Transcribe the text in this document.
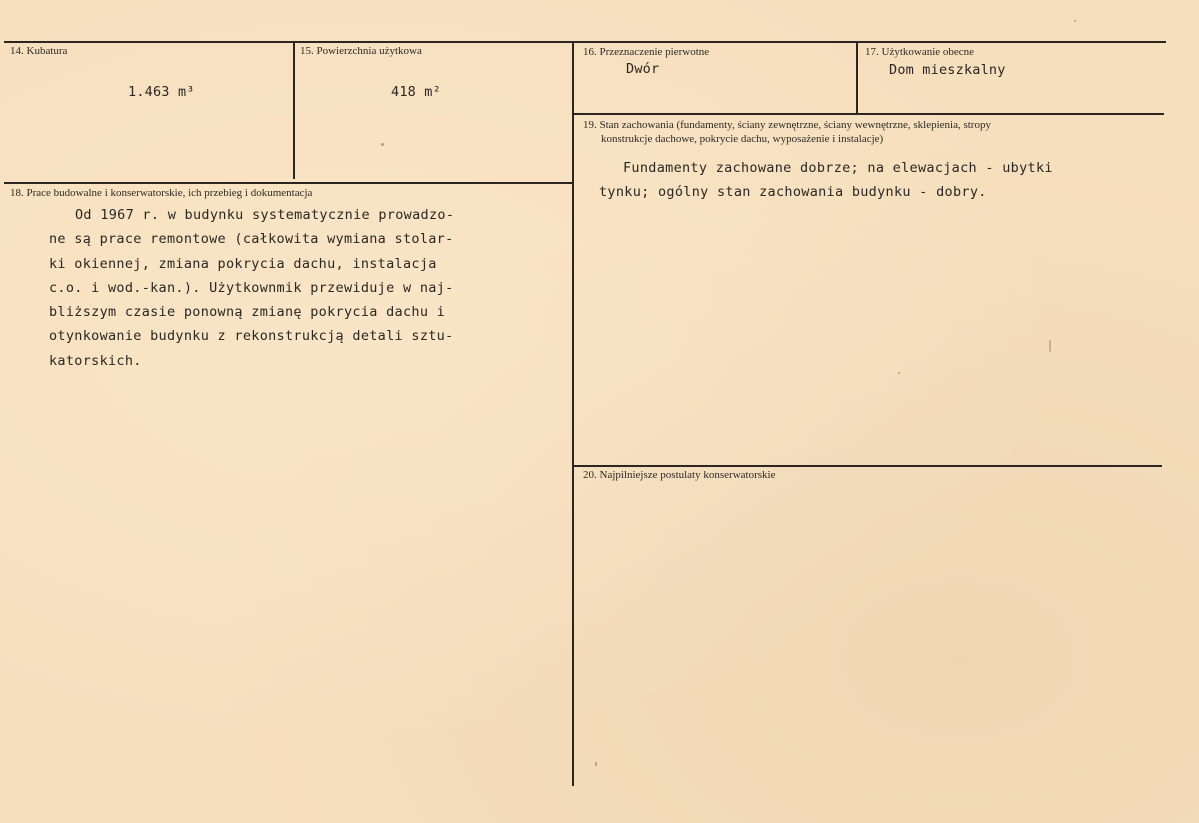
14. Kubatura
1.463 m³
15. Powierzchnia użytkowa
418 m²
16. Przeznaczenie pierwotne
Dwór
17. Użytkowanie obecne
Dom mieszkalny
18. Prace budowalne i konserwatorskie, ich przebieg i dokumentacja
Od 1967 r. w budynku systematycznie prowadzo-
ne są prace remontowe (całkowita wymiana stolar-
ki okiennej, zmiana pokrycia dachu, instalacja
c.o. i wod.-kan.). Użytkownmik przewiduje w naj-
bliższym czasie ponowną zmianę pokrycia dachu i
otynkowanie budynku z rekonstrukcją detali sztu-
katorskich.
19. Stan zachowania (fundamenty, ściany zewnętrzne, ściany wewnętrzne, sklepienia, stropy
konstrukcje dachowe, pokrycie dachu, wyposażenie i instalacje)
Fundamenty zachowane dobrze; na elewacjach - ubytki
tynku; ogólny stan zachowania budynku - dobry.
20. Najpilniejsze postulaty konserwatorskie
